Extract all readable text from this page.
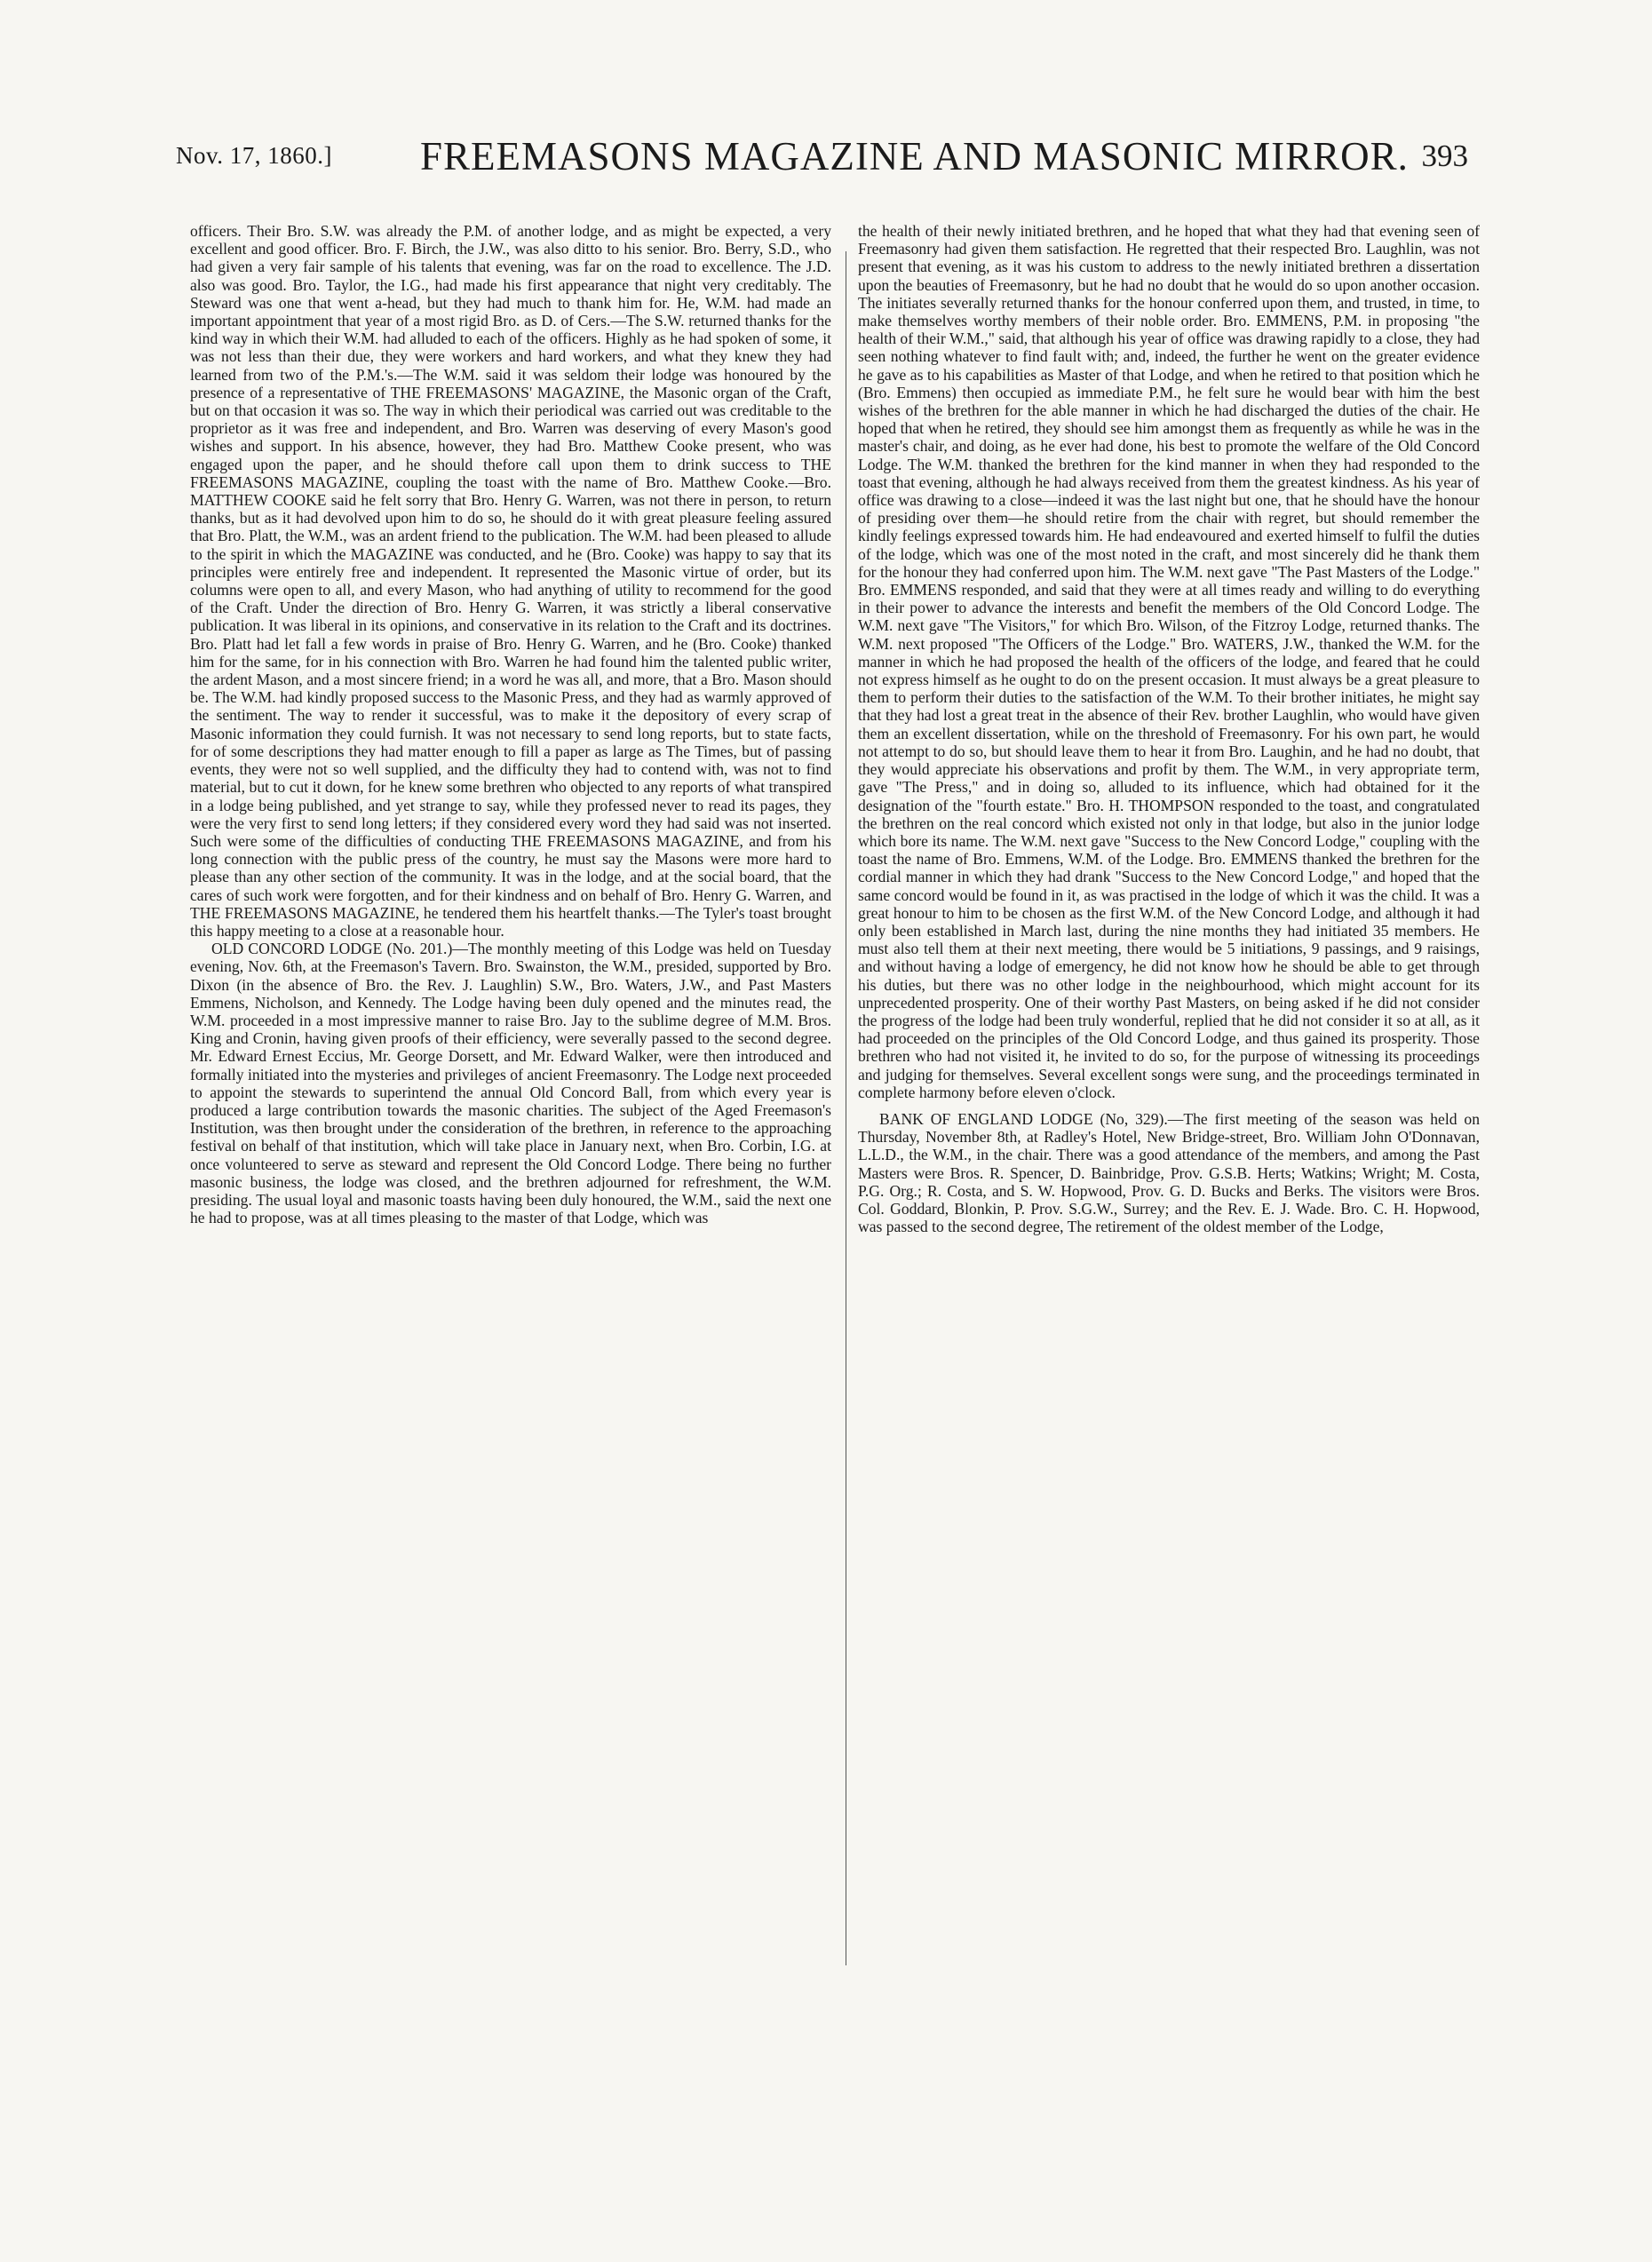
Nov. 17, 1860.] FREEMASONS MAGAZINE AND MASONIC MIRROR. 393

officers. Their Bro. S.W. was already the P.M. of another lodge, and as might be expected, a very excellent and good officer. Bro. F. Birch, the J.W., was also ditto to his senior. Bro. Berry, S.D., who had given a very fair sample of his talents that evening, was far on the road to excellence. The J.D. also was good. Bro. Taylor, the I.G., had made his first appearance that night very creditably. The Steward was one that went a-head, but they had much to thank him for. He, W.M. had made an important appointment that year of a most rigid Bro. as D. of Cers.—The S.W. returned thanks for the kind way in which their W.M. had alluded to each of the officers. Highly as he had spoken of some, it was not less than their due, they were workers and hard workers, and what they knew they had learned from two of the P.M.'s.—The W.M. said it was seldom their lodge was honoured by the presence of a representative of THE FREEMASONS' MAGAZINE, the Masonic organ of the Craft, but on that occasion it was so. The way in which their periodical was carried out was creditable to the proprietor as it was free and independent, and Bro. Warren was deserving of every Mason's good wishes and support. In his absence, however, they had Bro. Matthew Cooke present, who was engaged upon the paper, and he should thefore call upon them to drink success to THE FREEMASONS MAGAZINE, coupling the toast with the name of Bro. Matthew Cooke.—Bro. MATTHEW COOKE said he felt sorry that Bro. Henry G. Warren, was not there in person, to return thanks, but as it had devolved upon him to do so, he should do it with great pleasure feeling assured that Bro. Platt, the W.M., was an ardent friend to the publication. The W.M. had been pleased to allude to the spirit in which the MAGAZINE was conducted, and he (Bro. Cooke) was happy to say that its principles were entirely free and independent. It represented the Masonic virtue of order, but its columns were open to all, and every Mason, who had anything of utility to recommend for the good of the Craft. Under the direction of Bro. Henry G. Warren, it was strictly a liberal conservative publication. It was liberal in its opinions, and conservative in its relation to the Craft and its doctrines. Bro. Platt had let fall a few words in praise of Bro. Henry G. Warren, and he (Bro. Cooke) thanked him for the same, for in his connection with Bro. Warren he had found him the talented public writer, the ardent Mason, and a most sincere friend; in a word he was all, and more, that a Bro. Mason should be. The W.M. had kindly proposed success to the Masonic Press, and they had as warmly approved of the sentiment. The way to render it successful, was to make it the depository of every scrap of Masonic information they could furnish. It was not necessary to send long reports, but to state facts, for of some descriptions they had matter enough to fill a paper as large as The Times, but of passing events, they were not so well supplied, and the difficulty they had to contend with, was not to find material, but to cut it down, for he knew some brethren who objected to any reports of what transpired in a lodge being published, and yet strange to say, while they professed never to read its pages, they were the very first to send long letters; if they considered every word they had said was not inserted. Such were some of the difficulties of conducting THE FREEMASONS MAGAZINE, and from his long connection with the public press of the country, he must say the Masons were more hard to please than any other section of the community. It was in the lodge, and at the social board, that the cares of such work were forgotten, and for their kindness and on behalf of Bro. Henry G. Warren, and THE FREEMASONS MAGAZINE, he tendered them his heartfelt thanks.—The Tyler's toast brought this happy meeting to a close at a reasonable hour.

OLD CONCORD LODGE (No. 201.)—The monthly meeting of this Lodge was held on Tuesday evening, Nov. 6th, at the Freemason's Tavern. Bro. Swainston, the W.M., presided, supported by Bro. Dixon (in the absence of Bro. the Rev. J. Laughlin) S.W., Bro. Waters, J.W., and Past Masters Emmens, Nicholson, and Kennedy. The Lodge having been duly opened and the minutes read, the W.M. proceeded in a most impressive manner to raise Bro. Jay to the sublime degree of M.M. Bros. King and Cronin, having given proofs of their efficiency, were severally passed to the second degree. Mr. Edward Ernest Eccius, Mr. George Dorsett, and Mr. Edward Walker, were then introduced and formally initiated into the mysteries and privileges of ancient Freemasonry. The Lodge next proceeded to appoint the stewards to superintend the annual Old Concord Ball, from which every year is produced a large contribution towards the masonic charities. The subject of the Aged Freemason's Institution, was then brought under the consideration of the brethren, in reference to the approaching festival on behalf of that institution, which will take place in January next, when Bro. Corbin, I.G. at once volunteered to serve as steward and represent the Old Concord Lodge. There being no further masonic business, the lodge was closed, and the brethren adjourned for refreshment, the W.M. presiding. The usual loyal and masonic toasts having been duly honoured, the W.M., said the next one he had to propose, was at all times pleasing to the master of that Lodge, which was

the health of their newly initiated brethren, and he hoped that what they had that evening seen of Freemasonry had given them satisfaction. He regretted that their respected Bro. Laughlin, was not present that evening, as it was his custom to address to the newly initiated brethren a dissertation upon the beauties of Freemasonry, but he had no doubt that he would do so upon another occasion. The initiates severally returned thanks for the honour conferred upon them, and trusted, in time, to make themselves worthy members of their noble order. Bro. EMMENS, P.M. in proposing "the health of their W.M.," said, that although his year of office was drawing rapidly to a close, they had seen nothing whatever to find fault with; and, indeed, the further he went on the greater evidence he gave as to his capabilities as Master of that Lodge, and when he retired to that position which he (Bro. Emmens) then occupied as immediate P.M., he felt sure he would bear with him the best wishes of the brethren for the able manner in which he had discharged the duties of the chair. He hoped that when he retired, they should see him amongst them as frequently as while he was in the master's chair, and doing, as he ever had done, his best to promote the welfare of the Old Concord Lodge. The W.M. thanked the brethren for the kind manner in when they had responded to the toast that evening, although he had always received from them the greatest kindness. As his year of office was drawing to a close—indeed it was the last night but one, that he should have the honour of presiding over them—he should retire from the chair with regret, but should remember the kindly feelings expressed towards him. He had endeavoured and exerted himself to fulfil the duties of the lodge, which was one of the most noted in the craft, and most sincerely did he thank them for the honour they had conferred upon him. The W.M. next gave "The Past Masters of the Lodge." Bro. EMMENS responded, and said that they were at all times ready and willing to do everything in their power to advance the interests and benefit the members of the Old Concord Lodge. The W.M. next gave "The Visitors," for which Bro. Wilson, of the Fitzroy Lodge, returned thanks. The W.M. next proposed "The Officers of the Lodge." Bro. WATERS, J.W., thanked the W.M. for the manner in which he had proposed the health of the officers of the lodge, and feared that he could not express himself as he ought to do on the present occasion. It must always be a great pleasure to them to perform their duties to the satisfaction of the W.M. To their brother initiates, he might say that they had lost a great treat in the absence of their Rev. brother Laughlin, who would have given them an excellent dissertation, while on the threshold of Freemasonry. For his own part, he would not attempt to do so, but should leave them to hear it from Bro. Laughin, and he had no doubt, that they would appreciate his observations and profit by them. The W.M., in very appropriate term, gave "The Press," and in doing so, alluded to its influence, which had obtained for it the designation of the "fourth estate." Bro. H. THOMPSON responded to the toast, and congratulated the brethren on the real concord which existed not only in that lodge, but also in the junior lodge which bore its name. The W.M. next gave "Success to the New Concord Lodge," coupling with the toast the name of Bro. Emmens, W.M. of the Lodge. Bro. EMMENS thanked the brethren for the cordial manner in which they had drank "Success to the New Concord Lodge," and hoped that the same concord would be found in it, as was practised in the lodge of which it was the child. It was a great honour to him to be chosen as the first W.M. of the New Concord Lodge, and although it had only been established in March last, during the nine months they had initiated 35 members. He must also tell them at their next meeting, there would be 5 initiations, 9 passings, and 9 raisings, and without having a lodge of emergency, he did not know how he should be able to get through his duties, but there was no other lodge in the neighbourhood, which might account for its unprecedented prosperity. One of their worthy Past Masters, on being asked if he did not consider the progress of the lodge had been truly wonderful, replied that he did not consider it so at all, as it had proceeded on the principles of the Old Concord Lodge, and thus gained its prosperity. Those brethren who had not visited it, he invited to do so, for the purpose of witnessing its proceedings and judging for themselves. Several excellent songs were sung, and the proceedings terminated in complete harmony before eleven o'clock.

BANK OF ENGLAND LODGE (No, 329).—The first meeting of the season was held on Thursday, November 8th, at Radley's Hotel, New Bridge-street, Bro. William John O'Donnavan, L.L.D., the W.M., in the chair. There was a good attendance of the members, and among the Past Masters were Bros. R. Spencer, D. Bainbridge, Prov. G.S.B. Herts; Watkins; Wright; M. Costa, P.G. Org.; R. Costa, and S. W. Hopwood, Prov. G. D. Bucks and Berks. The visitors were Bros. Col. Goddard, Blonkin, P. Prov. S.G.W., Surrey; and the Rev. E. J. Wade. Bro. C. H. Hopwood, was passed to the second degree, The retirement of the oldest member of the Lodge,
